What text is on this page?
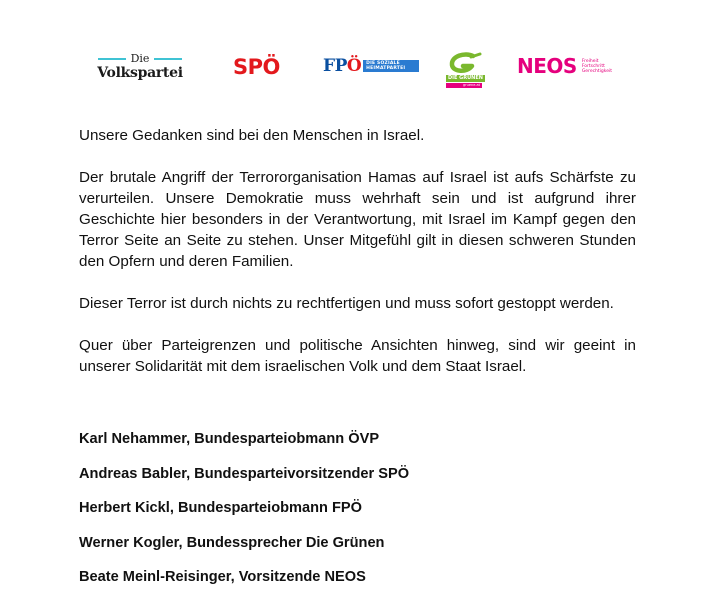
Die
Volkspartei	SPÖ	FPÖ DIE SOZIALE
HEIMATPARTEI
DIE GRÜNEN
gruene.at
NEOS Freiheit
Fortschritt
Gerechtigkeit

Unsere Gedanken sind bei den Menschen in Israel.

Der brutale Angriff der Terrororganisation Hamas auf Israel ist aufs Schärfste zu verurteilen. Unsere Demokratie muss wehrhaft sein und ist aufgrund ihrer Geschichte hier besonders in der Verantwortung, mit Israel im Kampf gegen den Terror Seite an Seite zu stehen. Unser Mitgefühl gilt in diesen schweren Stunden den Opfern und deren Familien.

Dieser Terror ist durch nichts zu rechtfertigen und muss sofort gestoppt werden.

Quer über Parteigrenzen und politische Ansichten hinweg, sind wir geeint in unserer Solidarität mit dem israelischen Volk und dem Staat Israel.

Karl Nehammer, Bundesparteiobmann ÖVP
Andreas Babler, Bundesparteivorsitzender SPÖ
Herbert Kickl, Bundesparteiobmann FPÖ
Werner Kogler, Bundessprecher Die Grünen
Beate Meinl-Reisinger, Vorsitzende NEOS
